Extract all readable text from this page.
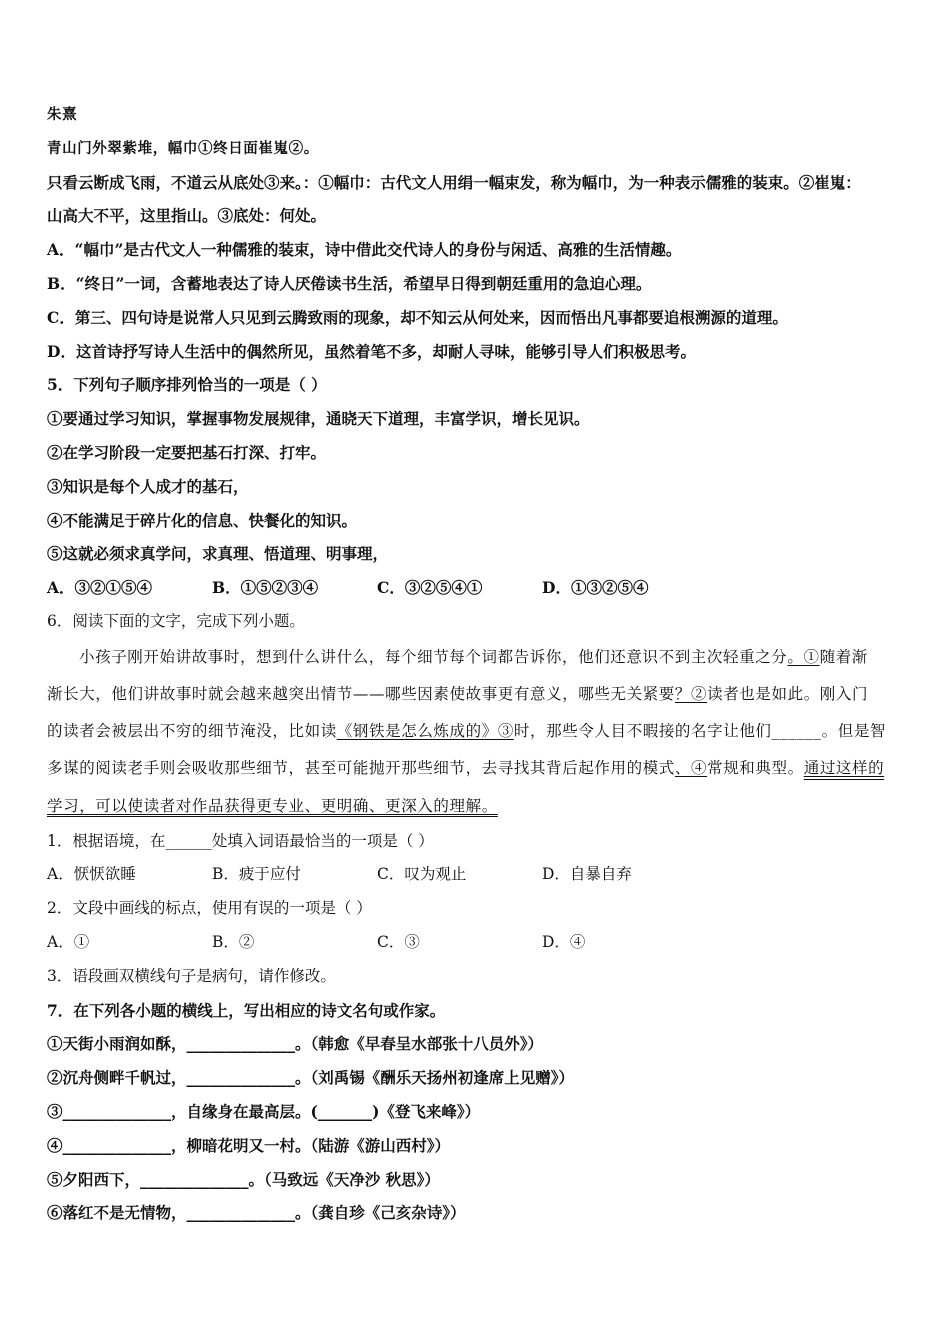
朱熹
青山门外翠紫堆，幅巾①终日面崔嵬②。
只看云断成飞雨，不道云从底处③来。：①幅巾：古代文人用绢一幅束发，称为幅巾，为一种表示儒雅的装束。②崔嵬：
山高大不平，这里指山。③底处：何处。
A．“幅巾”是古代文人一种儒雅的装束，诗中借此交代诗人的身份与闲适、高雅的生活情趣。
B．“终日”一词，含蓄地表达了诗人厌倦读书生活，希望早日得到朝廷重用的急迫心理。
C．第三、四句诗是说常人只见到云腾致雨的现象，却不知云从何处来，因而悟出凡事都要追根溯源的道理。
D．这首诗抒写诗人生活中的偶然所见，虽然着笔不多，却耐人寻味，能够引导人们积极思考。
5．下列句子顺序排列恰当的一项是（ ）
①要通过学习知识，掌握事物发展规律，通晓天下道理，丰富学识，增长见识。
②在学习阶段一定要把基石打深、打牢。
③知识是每个人成才的基石，
④不能满足于碎片化的信息、快餐化的知识。
⑤这就必须求真学问，求真理、悟道理、明事理，
A．③②①⑤④	B．①⑤②③④	C．③②⑤④①	D．①③②⑤④
6．阅读下面的文字，完成下列小题。
小孩子刚开始讲故事时，想到什么讲什么，每个细节每个词都告诉你，他们还意识不到主次轻重之分。①随着渐
渐长大，他们讲故事时就会越来越突出情节——哪些因素使故事更有意义，哪些无关紧要？②读者也是如此。刚入门
的读者会被层出不穷的细节淹没，比如读《钢铁是怎么炼成的》③时，那些令人目不暇接的名字让他们______。但是智
多谋的阅读老手则会吸收那些细节，甚至可能抛开那些细节，去寻找其背后起作用的模式、④常规和典型。通过这样的
学习，可以使读者对作品获得更专业、更明确、更深入的理解。
1．根据语境，在______处填入词语最恰当的一项是（ ）
A．恹恹欲睡	B．疲于应付	C．叹为观止	D．自暴自弃
2．文段中画线的标点，使用有误的一项是（ ）
A．①	B．②	C．③	D．④
3．语段画双横线句子是病句，请作修改。
7．在下列各小题的横线上，写出相应的诗文名句或作家。
①天街小雨润如酥，______________。（韩愈《早春呈水部张十八员外》）
②沉舟侧畔千帆过，______________。（刘禹锡《酬乐天扬州初逢席上见赠》）
③______________，自缘身在最高层。(_______)《登飞来峰》）
④______________，柳暗花明又一村。（陆游《游山西村》）
⑤夕阳西下，______________。（马致远《天净沙 秋思》）
⑥落红不是无情物，______________。（龚自珍《己亥杂诗》）
